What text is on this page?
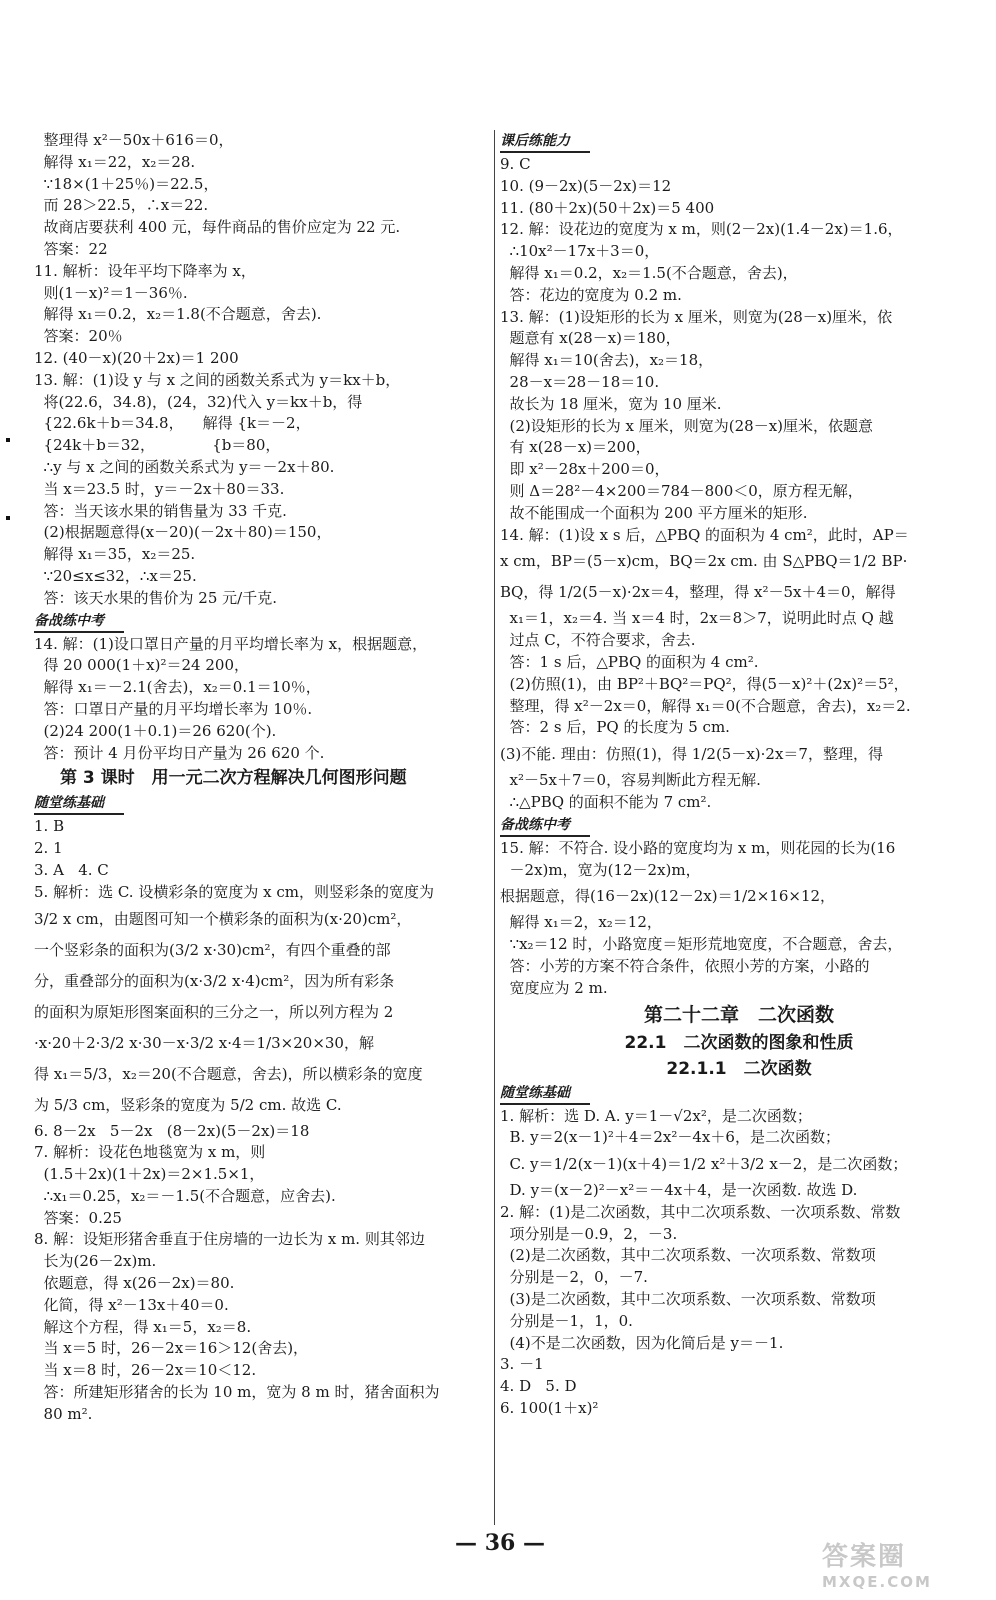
整理得 x²－50x＋616＝0，
解得 x₁＝22，x₂＝28.
∵18×(1＋25％)＝22.5，
而 28＞22.5，∴x＝22.
故商店要获利 400 元，每件商品的售价应定为 22 元.
答案：22
11. 解析：设年平均下降率为 x，
则(1－x)²＝1－36％.
解得 x₁＝0.2，x₂＝1.8(不合题意，舍去).
答案：20％
12. (40－x)(20＋2x)＝1 200
13. 解：(1)设 y 与 x 之间的函数关系式为 y＝kx＋b，
将(22.6，34.8)，(24，32)代入 y＝kx＋b，得
{22.6k＋b＝34.8，    解得 {k＝－2，
{24k＋b＝32，            {b＝80，
∴y 与 x 之间的函数关系式为 y＝－2x＋80.
当 x＝23.5 时，y＝－2x＋80＝33.
答：当天该水果的销售量为 33 千克.
(2)根据题意得(x－20)(－2x＋80)＝150，
解得 x₁＝35，x₂＝25.
∵20≤x≤32，∴x＝25.
答：该天水果的售价为 25 元/千克.
备战练中考
14. 解：(1)设口罩日产量的月平均增长率为 x，根据题意，
得 20 000(1＋x)²＝24 200，
解得 x₁＝－2.1(舍去)，x₂＝0.1＝10％，
答：口罩日产量的月平均增长率为 10％.
(2)24 200(1＋0.1)＝26 620(个).
答：预计 4 月份平均日产量为 26 620 个.
第 3 课时　用一元二次方程解决几何图形问题
随堂练基础
1. B
2. 1
3. A   4. C
5. 解析：选 C. 设横彩条的宽度为 x cm，则竖彩条的宽度为
3/2 x cm，由题图可知一个横彩条的面积为(x·20)cm²，
一个竖彩条的面积为(3/2 x·30)cm²，有四个重叠的部
分，重叠部分的面积为(x·3/2 x·4)cm²，因为所有彩条
的面积为原矩形图案面积的三分之一，所以列方程为 2
·x·20＋2·3/2 x·30－x·3/2 x·4＝1/3×20×30，解
得 x₁＝5/3，x₂＝20(不合题意，舍去)，所以横彩条的宽度
为 5/3 cm，竖彩条的宽度为 5/2 cm. 故选 C.
6. 8－2x   5－2x   (8－2x)(5－2x)＝18
7. 解析：设花色地毯宽为 x m，则
(1.5＋2x)(1＋2x)＝2×1.5×1，
∴x₁＝0.25，x₂＝－1.5(不合题意，应舍去).
答案：0.25
8. 解：设矩形猪舍垂直于住房墙的一边长为 x m. 则其邻边
长为(26－2x)m.
依题意，得 x(26－2x)＝80.
化简，得 x²－13x＋40＝0.
解这个方程，得 x₁＝5，x₂＝8.
当 x＝5 时，26－2x＝16＞12(舍去)，
当 x＝8 时，26－2x＝10＜12.
答：所建矩形猪舍的长为 10 m，宽为 8 m 时，猪舍面积为
80 m².
课后练能力
9. C
10. (9－2x)(5－2x)＝12
11. (80＋2x)(50＋2x)＝5 400
12. 解：设花边的宽度为 x m，则(2－2x)(1.4－2x)＝1.6，
∴10x²－17x＋3＝0，
解得 x₁＝0.2，x₂＝1.5(不合题意，舍去)，
答：花边的宽度为 0.2 m.
13. 解：(1)设矩形的长为 x 厘米，则宽为(28－x)厘米，依
题意有 x(28－x)＝180，
解得 x₁＝10(舍去)，x₂＝18，
28－x＝28－18＝10.
故长为 18 厘米，宽为 10 厘米.
(2)设矩形的长为 x 厘米，则宽为(28－x)厘米，依题意
有 x(28－x)＝200，
即 x²－28x＋200＝0，
则 Δ＝28²－4×200＝784－800＜0，原方程无解，
故不能围成一个面积为 200 平方厘米的矩形.
14. 解：(1)设 x s 后，△PBQ 的面积为 4 cm²，此时，AP＝
x cm，BP＝(5－x)cm，BQ＝2x cm. 由 S△PBQ＝1/2 BP·
BQ，得 1/2(5－x)·2x＝4，整理，得 x²－5x＋4＝0，解得
x₁＝1，x₂＝4. 当 x＝4 时，2x＝8＞7，说明此时点 Q 越
过点 C，不符合要求，舍去.
答：1 s 后，△PBQ 的面积为 4 cm².
(2)仿照(1)，由 BP²＋BQ²＝PQ²，得(5－x)²＋(2x)²＝5²，
整理，得 x²－2x＝0，解得 x₁＝0(不合题意，舍去)，x₂＝2.
答：2 s 后，PQ 的长度为 5 cm.
(3)不能. 理由：仿照(1)，得 1/2(5－x)·2x＝7，整理，得
x²－5x＋7＝0，容易判断此方程无解.
∴△PBQ 的面积不能为 7 cm².
备战练中考
15. 解：不符合. 设小路的宽度均为 x m，则花园的长为(16
－2x)m，宽为(12－2x)m，
根据题意，得(16－2x)(12－2x)＝1/2×16×12，
解得 x₁＝2，x₂＝12，
∵x₂＝12 时，小路宽度＝矩形荒地宽度，不合题意，舍去，
答：小芳的方案不符合条件，依照小芳的方案，小路的
宽度应为 2 m.
第二十二章　二次函数
22.1　二次函数的图象和性质
22.1.1　二次函数
随堂练基础
1. 解析：选 D. A. y＝1－√2x²，是二次函数；
B. y＝2(x－1)²＋4＝2x²－4x＋6，是二次函数；
C. y＝1/2(x－1)(x＋4)＝1/2 x²＋3/2 x－2，是二次函数；
D. y＝(x－2)²－x²＝－4x＋4，是一次函数. 故选 D.
2. 解：(1)是二次函数，其中二次项系数、一次项系数、常数
项分别是－0.9，2，－3.
(2)是二次函数，其中二次项系数、一次项系数、常数项
分别是－2，0，－7.
(3)是二次函数，其中二次项系数、一次项系数、常数项
分别是－1，1，0.
(4)不是二次函数，因为化简后是 y＝－1.
3. －1
4. D   5. D
6. 100(1＋x)²
— 36 —	答案圈
MXQE.COM
